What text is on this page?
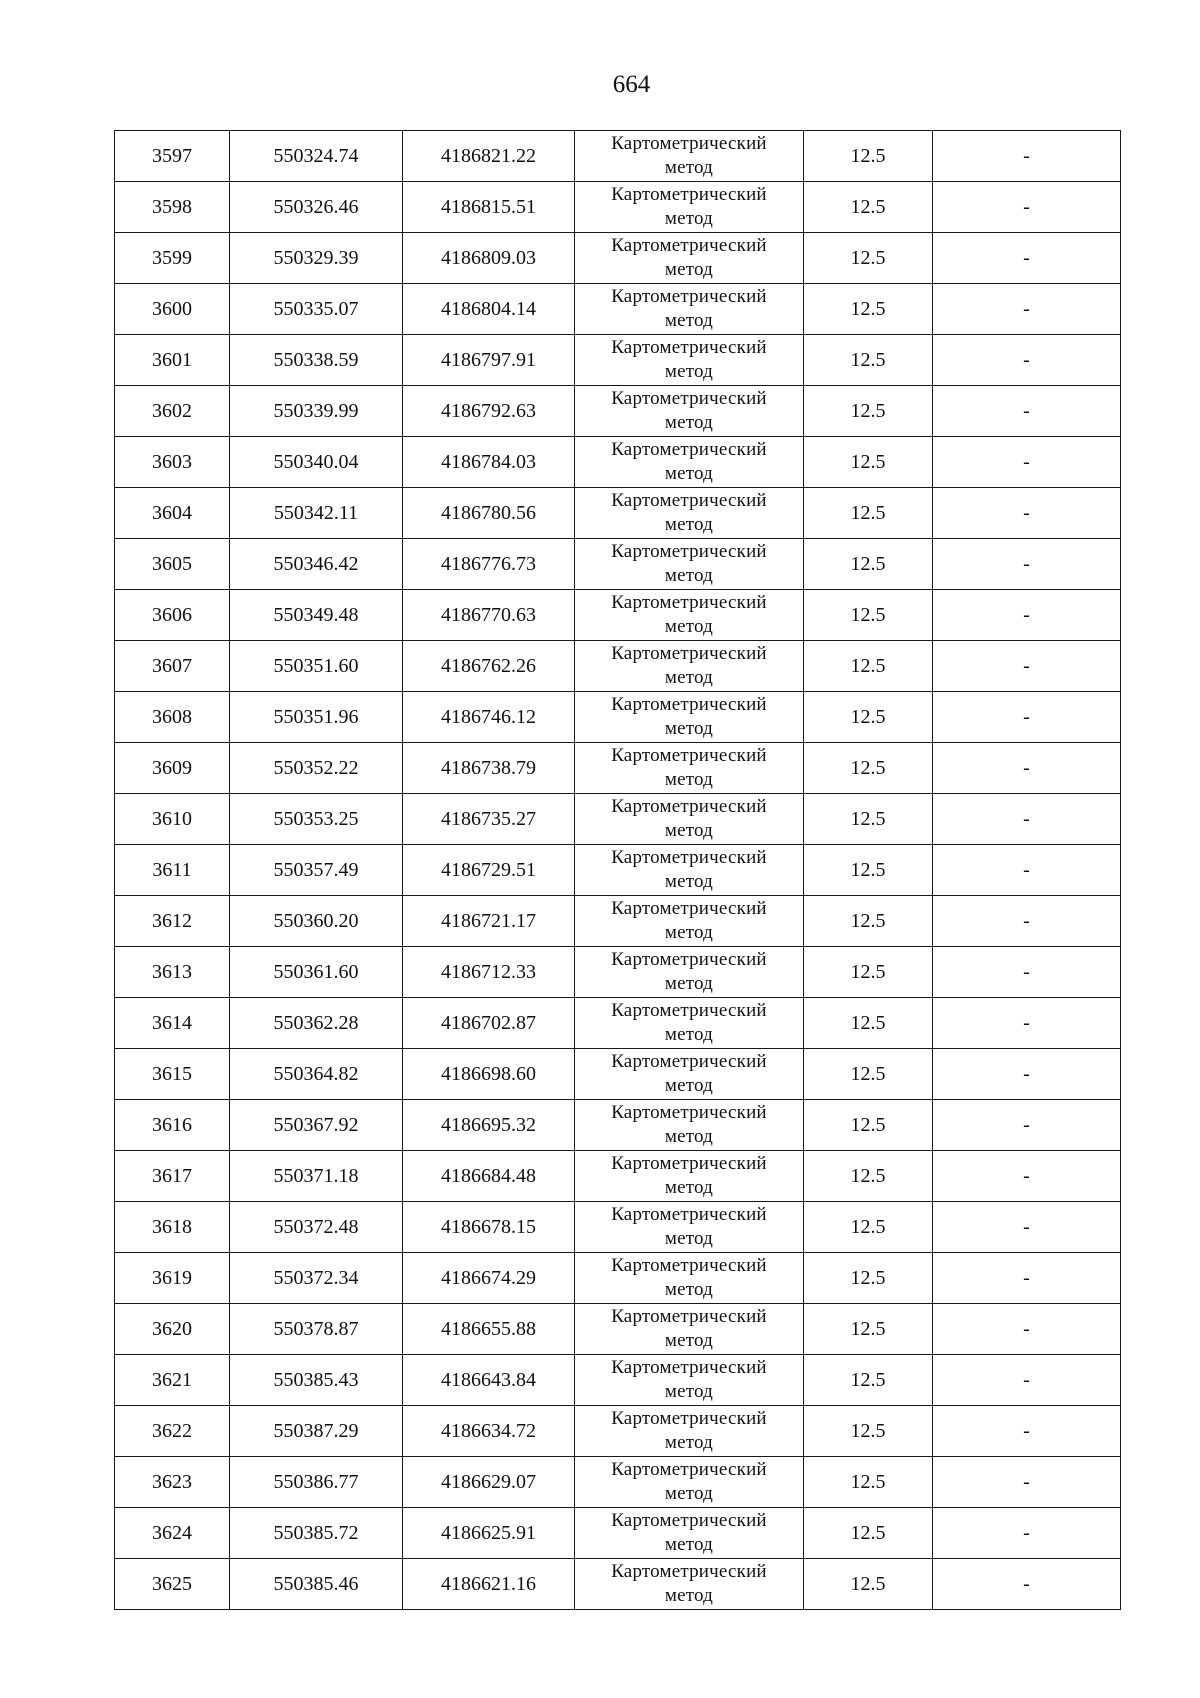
664
3597	550324.74	4186821.22	Картометрический
метод	12.5	-
3598	550326.46	4186815.51	Картометрический
метод	12.5	-
3599	550329.39	4186809.03	Картометрический
метод	12.5	-
3600	550335.07	4186804.14	Картометрический
метод	12.5	-
3601	550338.59	4186797.91	Картометрический
метод	12.5	-
3602	550339.99	4186792.63	Картометрический
метод	12.5	-
3603	550340.04	4186784.03	Картометрический
метод	12.5	-
3604	550342.11	4186780.56	Картометрический
метод	12.5	-
3605	550346.42	4186776.73	Картометрический
метод	12.5	-
3606	550349.48	4186770.63	Картометрический
метод	12.5	-
3607	550351.60	4186762.26	Картометрический
метод	12.5	-
3608	550351.96	4186746.12	Картометрический
метод	12.5	-
3609	550352.22	4186738.79	Картометрический
метод	12.5	-
3610	550353.25	4186735.27	Картометрический
метод	12.5	-
3611	550357.49	4186729.51	Картометрический
метод	12.5	-
3612	550360.20	4186721.17	Картометрический
метод	12.5	-
3613	550361.60	4186712.33	Картометрический
метод	12.5	-
3614	550362.28	4186702.87	Картометрический
метод	12.5	-
3615	550364.82	4186698.60	Картометрический
метод	12.5	-
3616	550367.92	4186695.32	Картометрический
метод	12.5	-
3617	550371.18	4186684.48	Картометрический
метод	12.5	-
3618	550372.48	4186678.15	Картометрический
метод	12.5	-
3619	550372.34	4186674.29	Картометрический
метод	12.5	-
3620	550378.87	4186655.88	Картометрический
метод	12.5	-
3621	550385.43	4186643.84	Картометрический
метод	12.5	-
3622	550387.29	4186634.72	Картометрический
метод	12.5	-
3623	550386.77	4186629.07	Картометрический
метод	12.5	-
3624	550385.72	4186625.91	Картометрический
метод	12.5	-
3625	550385.46	4186621.16	Картометрический
метод	12.5	-
